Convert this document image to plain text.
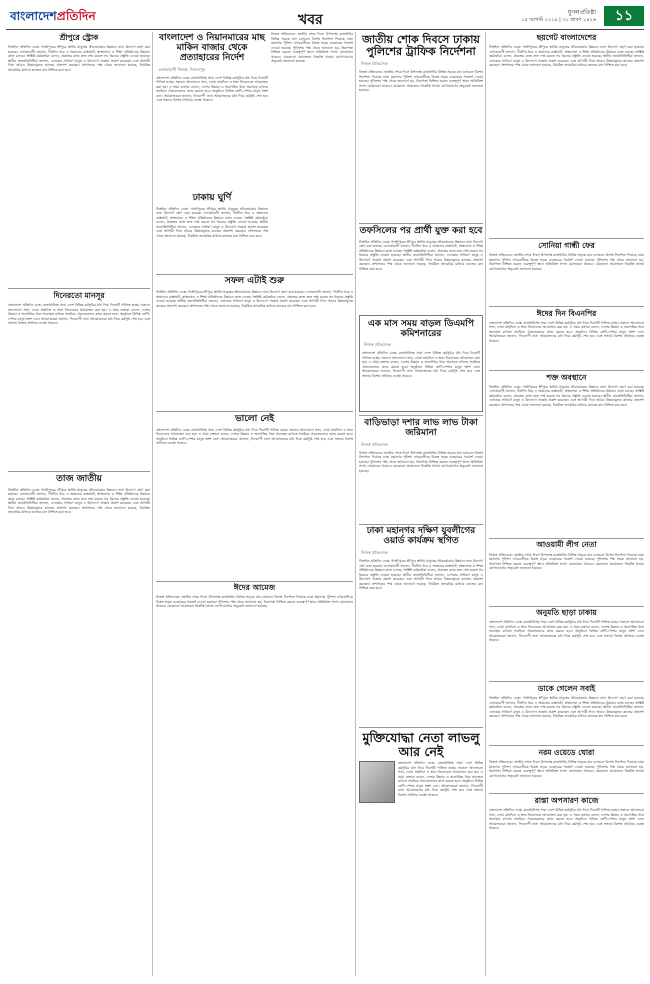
বাংলাদেশপ্রতিদিন	খবর	যুগলপ্রতিষ্ঠা
১৫ আগস্ট ২০১৯ | ৩১ শ্রাবণ ১৪২৬	১১
শ্রীপুরে স্ট্রোক
টাঙ্গাইল প্রতিদিন ডেস্ক: গাজীপুরের শ্রীপুরে স্থানীয় মানুষের জীবনযাত্রার উন্নয়নে নানা উদ্যোগ গ্রহণ করা হয়েছে। এলাকাবাসী জানান, দীর্ঘদিন ধরে এ অঞ্চলের রাস্তাঘাট, স্বাস্থ্যসেবা ও শিক্ষা প্রতিষ্ঠানের উন্নয়নে কাজ চলছে। সংশ্লিষ্ট কর্মকর্তারা বলেন, প্রকল্পের কাজ দ্রুত শেষ করতে সব ধরনের প্রস্তুতি নেওয়া হয়েছে। স্থানীয় জনপ্রতিনিধিরা জানান, এলাকার সাধারণ মানুষ এ উদ্যোগে সন্তোষ প্রকাশ করেছেন এবং আগামী দিনে আরও উন্নয়নমূলক কাজের প্রত্যাশা করছেন। প্রশাসনের পক্ষ থেকে জানানো হয়েছে, নিয়মিত তদারকির মাধ্যমে কাজের মান নিশ্চিত করা হবে।
দিনেরতো মানসূর
বাংলাদেশ প্রতিদিন ডেস্ক: রাজধানীসহ সারা দেশে বিভিন্ন কর্মসূচির মধ্য দিয়ে দিবসটি পালিত হচ্ছে। সকালে আলোচনা সভা, দোয়া মাহফিল ও শ্রদ্ধা নিবেদনের আয়োজন করা হয়। এ সময় বক্তারা বলেন, দেশের উন্নয়ন ও অগ্রগতির ধারা অব্যাহত রাখতে সবাইকে ঐক্যবদ্ধভাবে কাজ করতে হবে। অনুষ্ঠানে বিভিন্ন শ্রেণি-পেশার মানুষ অংশ নেন। আয়োজকরা জানান, দিনব্যাপী নানা আয়োজনের মধ্য দিয়ে কর্মসূচি শেষ হবে এবং সন্ধ্যায় বিশেষ প্রার্থনার ব্যবস্থা থাকবে।
তাজ জাতীয়
টাঙ্গাইল প্রতিদিন ডেস্ক: গাজীপুরের শ্রীপুরে স্থানীয় মানুষের জীবনযাত্রার উন্নয়নে নানা উদ্যোগ গ্রহণ করা হয়েছে। এলাকাবাসী জানান, দীর্ঘদিন ধরে এ অঞ্চলের রাস্তাঘাট, স্বাস্থ্যসেবা ও শিক্ষা প্রতিষ্ঠানের উন্নয়নে কাজ চলছে। সংশ্লিষ্ট কর্মকর্তারা বলেন, প্রকল্পের কাজ দ্রুত শেষ করতে সব ধরনের প্রস্তুতি নেওয়া হয়েছে। স্থানীয় জনপ্রতিনিধিরা জানান, এলাকার সাধারণ মানুষ এ উদ্যোগে সন্তোষ প্রকাশ করেছেন এবং আগামী দিনে আরও উন্নয়নমূলক কাজের প্রত্যাশা করছেন। প্রশাসনের পক্ষ থেকে জানানো হয়েছে, নিয়মিত তদারকির মাধ্যমে কাজের মান নিশ্চিত করা হবে।
বাংলাদেশ ও নিয়ানমারের মাছ মাকিন বাজার থেকে প্রত্যাহারের নির্দেশ
এলাকাবাসী নিজস্ব, দিনাজপুর
বাংলাদেশ প্রতিদিন ডেস্ক: রাজধানীসহ সারা দেশে বিভিন্ন কর্মসূচির মধ্য দিয়ে দিবসটি পালিত হচ্ছে। সকালে আলোচনা সভা, দোয়া মাহফিল ও শ্রদ্ধা নিবেদনের আয়োজন করা হয়। এ সময় বক্তারা বলেন, দেশের উন্নয়ন ও অগ্রগতির ধারা অব্যাহত রাখতে সবাইকে ঐক্যবদ্ধভাবে কাজ করতে হবে। অনুষ্ঠানে বিভিন্ন শ্রেণি-পেশার মানুষ অংশ নেন। আয়োজকরা জানান, দিনব্যাপী নানা আয়োজনের মধ্য দিয়ে কর্মসূচি শেষ হবে এবং সন্ধ্যায় বিশেষ প্রার্থনার ব্যবস্থা থাকবে।
ঢাকায় ঘুর্ণি
টাঙ্গাইল প্রতিদিন ডেস্ক: গাজীপুরের শ্রীপুরে স্থানীয় মানুষের জীবনযাত্রার উন্নয়নে নানা উদ্যোগ গ্রহণ করা হয়েছে। এলাকাবাসী জানান, দীর্ঘদিন ধরে এ অঞ্চলের রাস্তাঘাট, স্বাস্থ্যসেবা ও শিক্ষা প্রতিষ্ঠানের উন্নয়নে কাজ চলছে। সংশ্লিষ্ট কর্মকর্তারা বলেন, প্রকল্পের কাজ দ্রুত শেষ করতে সব ধরনের প্রস্তুতি নেওয়া হয়েছে। স্থানীয় জনপ্রতিনিধিরা জানান, এলাকার সাধারণ মানুষ এ উদ্যোগে সন্তোষ প্রকাশ করেছেন এবং আগামী দিনে আরও উন্নয়নমূলক কাজের প্রত্যাশা করছেন। প্রশাসনের পক্ষ থেকে জানানো হয়েছে, নিয়মিত তদারকির মাধ্যমে কাজের মান নিশ্চিত করা হবে।
নিজস্ব প্রতিবেদক: জাতীয় শোক দিবস উপলক্ষে রাজধানীর বিভিন্ন সড়কে যান চলাচলে বিশেষ নির্দেশনা দিয়েছে ঢাকা মহানগর পুলিশ। নগরবাসীকে বিকল্প সড়ক ব্যবহারের পরামর্শ দেওয়া হয়েছে। পুলিশের পক্ষ থেকে জানানো হয়, নিরাপত্তা নিশ্চিত করতে গুরুত্বপূর্ণ স্থানে অতিরিক্ত সদস্য মোতায়েন থাকবে। যেকোনো প্রয়োজনে নিকটস্থ থানায় যোগাযোগের অনুরোধ জানানো হয়েছে।
সফল এটাই শুরু
টাঙ্গাইল প্রতিদিন ডেস্ক: গাজীপুরের শ্রীপুরে স্থানীয় মানুষের জীবনযাত্রার উন্নয়নে নানা উদ্যোগ গ্রহণ করা হয়েছে। এলাকাবাসী জানান, দীর্ঘদিন ধরে এ অঞ্চলের রাস্তাঘাট, স্বাস্থ্যসেবা ও শিক্ষা প্রতিষ্ঠানের উন্নয়নে কাজ চলছে। সংশ্লিষ্ট কর্মকর্তারা বলেন, প্রকল্পের কাজ দ্রুত শেষ করতে সব ধরনের প্রস্তুতি নেওয়া হয়েছে। স্থানীয় জনপ্রতিনিধিরা জানান, এলাকার সাধারণ মানুষ এ উদ্যোগে সন্তোষ প্রকাশ করেছেন এবং আগামী দিনে আরও উন্নয়নমূলক কাজের প্রত্যাশা করছেন। প্রশাসনের পক্ষ থেকে জানানো হয়েছে, নিয়মিত তদারকির মাধ্যমে কাজের মান নিশ্চিত করা হবে।
ভালো নেই
বাংলাদেশ প্রতিদিন ডেস্ক: রাজধানীসহ সারা দেশে বিভিন্ন কর্মসূচির মধ্য দিয়ে দিবসটি পালিত হচ্ছে। সকালে আলোচনা সভা, দোয়া মাহফিল ও শ্রদ্ধা নিবেদনের আয়োজন করা হয়। এ সময় বক্তারা বলেন, দেশের উন্নয়ন ও অগ্রগতির ধারা অব্যাহত রাখতে সবাইকে ঐক্যবদ্ধভাবে কাজ করতে হবে। অনুষ্ঠানে বিভিন্ন শ্রেণি-পেশার মানুষ অংশ নেন। আয়োজকরা জানান, দিনব্যাপী নানা আয়োজনের মধ্য দিয়ে কর্মসূচি শেষ হবে এবং সন্ধ্যায় বিশেষ প্রার্থনার ব্যবস্থা থাকবে।
ঈদের আমেজ
নিজস্ব প্রতিবেদক: জাতীয় শোক দিবস উপলক্ষে রাজধানীর বিভিন্ন সড়কে যান চলাচলে বিশেষ নির্দেশনা দিয়েছে ঢাকা মহানগর পুলিশ। নগরবাসীকে বিকল্প সড়ক ব্যবহারের পরামর্শ দেওয়া হয়েছে। পুলিশের পক্ষ থেকে জানানো হয়, নিরাপত্তা নিশ্চিত করতে গুরুত্বপূর্ণ স্থানে অতিরিক্ত সদস্য মোতায়েন থাকবে। যেকোনো প্রয়োজনে নিকটস্থ থানায় যোগাযোগের অনুরোধ জানানো হয়েছে।
জাতীয় শোক দিবসে ঢাকায় পুলিশের ট্রাফিক নির্দেশনা
নিজস্ব প্রতিবেদক
নিজস্ব প্রতিবেদক: জাতীয় শোক দিবস উপলক্ষে রাজধানীর বিভিন্ন সড়কে যান চলাচলে বিশেষ নির্দেশনা দিয়েছে ঢাকা মহানগর পুলিশ। নগরবাসীকে বিকল্প সড়ক ব্যবহারের পরামর্শ দেওয়া হয়েছে। পুলিশের পক্ষ থেকে জানানো হয়, নিরাপত্তা নিশ্চিত করতে গুরুত্বপূর্ণ স্থানে অতিরিক্ত সদস্য মোতায়েন থাকবে। যেকোনো প্রয়োজনে নিকটস্থ থানায় যোগাযোগের অনুরোধ জানানো হয়েছে।
তফসিলের পর প্রার্থী যুক্ত করা হবে
টাঙ্গাইল প্রতিদিন ডেস্ক: গাজীপুরের শ্রীপুরে স্থানীয় মানুষের জীবনযাত্রার উন্নয়নে নানা উদ্যোগ গ্রহণ করা হয়েছে। এলাকাবাসী জানান, দীর্ঘদিন ধরে এ অঞ্চলের রাস্তাঘাট, স্বাস্থ্যসেবা ও শিক্ষা প্রতিষ্ঠানের উন্নয়নে কাজ চলছে। সংশ্লিষ্ট কর্মকর্তারা বলেন, প্রকল্পের কাজ দ্রুত শেষ করতে সব ধরনের প্রস্তুতি নেওয়া হয়েছে। স্থানীয় জনপ্রতিনিধিরা জানান, এলাকার সাধারণ মানুষ এ উদ্যোগে সন্তোষ প্রকাশ করেছেন এবং আগামী দিনে আরও উন্নয়নমূলক কাজের প্রত্যাশা করছেন। প্রশাসনের পক্ষ থেকে জানানো হয়েছে, নিয়মিত তদারকির মাধ্যমে কাজের মান নিশ্চিত করা হবে।
এক মাস সময় বাড়ল ডিএমপি কমিশনারের
নিজস্ব প্রতিবেদক
বাংলাদেশ প্রতিদিন ডেস্ক: রাজধানীসহ সারা দেশে বিভিন্ন কর্মসূচির মধ্য দিয়ে দিবসটি পালিত হচ্ছে। সকালে আলোচনা সভা, দোয়া মাহফিল ও শ্রদ্ধা নিবেদনের আয়োজন করা হয়। এ সময় বক্তারা বলেন, দেশের উন্নয়ন ও অগ্রগতির ধারা অব্যাহত রাখতে সবাইকে ঐক্যবদ্ধভাবে কাজ করতে হবে। অনুষ্ঠানে বিভিন্ন শ্রেণি-পেশার মানুষ অংশ নেন। আয়োজকরা জানান, দিনব্যাপী নানা আয়োজনের মধ্য দিয়ে কর্মসূচি শেষ হবে এবং সন্ধ্যায় বিশেষ প্রার্থনার ব্যবস্থা থাকবে।
বাড়িভাড়া দশার লাভ লাভ টাকা জরিমানা
নিজস্ব প্রতিবেদক
নিজস্ব প্রতিবেদক: জাতীয় শোক দিবস উপলক্ষে রাজধানীর বিভিন্ন সড়কে যান চলাচলে বিশেষ নির্দেশনা দিয়েছে ঢাকা মহানগর পুলিশ। নগরবাসীকে বিকল্প সড়ক ব্যবহারের পরামর্শ দেওয়া হয়েছে। পুলিশের পক্ষ থেকে জানানো হয়, নিরাপত্তা নিশ্চিত করতে গুরুত্বপূর্ণ স্থানে অতিরিক্ত সদস্য মোতায়েন থাকবে। যেকোনো প্রয়োজনে নিকটস্থ থানায় যোগাযোগের অনুরোধ জানানো হয়েছে।
ঢাকা মহানগর দক্ষিণ যুবলীগের ওয়ার্ড কার্যক্রম স্থগিত
নিজস্ব প্রতিবেদক
টাঙ্গাইল প্রতিদিন ডেস্ক: গাজীপুরের শ্রীপুরে স্থানীয় মানুষের জীবনযাত্রার উন্নয়নে নানা উদ্যোগ গ্রহণ করা হয়েছে। এলাকাবাসী জানান, দীর্ঘদিন ধরে এ অঞ্চলের রাস্তাঘাট, স্বাস্থ্যসেবা ও শিক্ষা প্রতিষ্ঠানের উন্নয়নে কাজ চলছে। সংশ্লিষ্ট কর্মকর্তারা বলেন, প্রকল্পের কাজ দ্রুত শেষ করতে সব ধরনের প্রস্তুতি নেওয়া হয়েছে। স্থানীয় জনপ্রতিনিধিরা জানান, এলাকার সাধারণ মানুষ এ উদ্যোগে সন্তোষ প্রকাশ করেছেন এবং আগামী দিনে আরও উন্নয়নমূলক কাজের প্রত্যাশা করছেন। প্রশাসনের পক্ষ থেকে জানানো হয়েছে, নিয়মিত তদারকির মাধ্যমে কাজের মান নিশ্চিত করা হবে।
মুক্তিযোদ্ধা নেতা লাভলু আর নেই
বাংলাদেশ প্রতিদিন ডেস্ক: রাজধানীসহ সারা দেশে বিভিন্ন কর্মসূচির মধ্য দিয়ে দিবসটি পালিত হচ্ছে। সকালে আলোচনা সভা, দোয়া মাহফিল ও শ্রদ্ধা নিবেদনের আয়োজন করা হয়। এ সময় বক্তারা বলেন, দেশের উন্নয়ন ও অগ্রগতির ধারা অব্যাহত রাখতে সবাইকে ঐক্যবদ্ধভাবে কাজ করতে হবে। অনুষ্ঠানে বিভিন্ন শ্রেণি-পেশার মানুষ অংশ নেন। আয়োজকরা জানান, দিনব্যাপী নানা আয়োজনের মধ্য দিয়ে কর্মসূচি শেষ হবে এবং সন্ধ্যায় বিশেষ প্রার্থনার ব্যবস্থা থাকবে।
ছয়গেট বাংলাদেশের
টাঙ্গাইল প্রতিদিন ডেস্ক: গাজীপুরের শ্রীপুরে স্থানীয় মানুষের জীবনযাত্রার উন্নয়নে নানা উদ্যোগ গ্রহণ করা হয়েছে। এলাকাবাসী জানান, দীর্ঘদিন ধরে এ অঞ্চলের রাস্তাঘাট, স্বাস্থ্যসেবা ও শিক্ষা প্রতিষ্ঠানের উন্নয়নে কাজ চলছে। সংশ্লিষ্ট কর্মকর্তারা বলেন, প্রকল্পের কাজ দ্রুত শেষ করতে সব ধরনের প্রস্তুতি নেওয়া হয়েছে। স্থানীয় জনপ্রতিনিধিরা জানান, এলাকার সাধারণ মানুষ এ উদ্যোগে সন্তোষ প্রকাশ করেছেন এবং আগামী দিনে আরও উন্নয়নমূলক কাজের প্রত্যাশা করছেন। প্রশাসনের পক্ষ থেকে জানানো হয়েছে, নিয়মিত তদারকির মাধ্যমে কাজের মান নিশ্চিত করা হবে।
সোনিয়া গান্ধী ফের
নিজস্ব প্রতিবেদক: জাতীয় শোক দিবস উপলক্ষে রাজধানীর বিভিন্ন সড়কে যান চলাচলে বিশেষ নির্দেশনা দিয়েছে ঢাকা মহানগর পুলিশ। নগরবাসীকে বিকল্প সড়ক ব্যবহারের পরামর্শ দেওয়া হয়েছে। পুলিশের পক্ষ থেকে জানানো হয়, নিরাপত্তা নিশ্চিত করতে গুরুত্বপূর্ণ স্থানে অতিরিক্ত সদস্য মোতায়েন থাকবে। যেকোনো প্রয়োজনে নিকটস্থ থানায় যোগাযোগের অনুরোধ জানানো হয়েছে।
ঈদের দিন বিএনপির
বাংলাদেশ প্রতিদিন ডেস্ক: রাজধানীসহ সারা দেশে বিভিন্ন কর্মসূচির মধ্য দিয়ে দিবসটি পালিত হচ্ছে। সকালে আলোচনা সভা, দোয়া মাহফিল ও শ্রদ্ধা নিবেদনের আয়োজন করা হয়। এ সময় বক্তারা বলেন, দেশের উন্নয়ন ও অগ্রগতির ধারা অব্যাহত রাখতে সবাইকে ঐক্যবদ্ধভাবে কাজ করতে হবে। অনুষ্ঠানে বিভিন্ন শ্রেণি-পেশার মানুষ অংশ নেন। আয়োজকরা জানান, দিনব্যাপী নানা আয়োজনের মধ্য দিয়ে কর্মসূচি শেষ হবে এবং সন্ধ্যায় বিশেষ প্রার্থনার ব্যবস্থা থাকবে।
শক্ত অবস্থানে
টাঙ্গাইল প্রতিদিন ডেস্ক: গাজীপুরের শ্রীপুরে স্থানীয় মানুষের জীবনযাত্রার উন্নয়নে নানা উদ্যোগ গ্রহণ করা হয়েছে। এলাকাবাসী জানান, দীর্ঘদিন ধরে এ অঞ্চলের রাস্তাঘাট, স্বাস্থ্যসেবা ও শিক্ষা প্রতিষ্ঠানের উন্নয়নে কাজ চলছে। সংশ্লিষ্ট কর্মকর্তারা বলেন, প্রকল্পের কাজ দ্রুত শেষ করতে সব ধরনের প্রস্তুতি নেওয়া হয়েছে। স্থানীয় জনপ্রতিনিধিরা জানান, এলাকার সাধারণ মানুষ এ উদ্যোগে সন্তোষ প্রকাশ করেছেন এবং আগামী দিনে আরও উন্নয়নমূলক কাজের প্রত্যাশা করছেন। প্রশাসনের পক্ষ থেকে জানানো হয়েছে, নিয়মিত তদারকির মাধ্যমে কাজের মান নিশ্চিত করা হবে।
আওয়ামী লীগ নেতা
নিজস্ব প্রতিবেদক: জাতীয় শোক দিবস উপলক্ষে রাজধানীর বিভিন্ন সড়কে যান চলাচলে বিশেষ নির্দেশনা দিয়েছে ঢাকা মহানগর পুলিশ। নগরবাসীকে বিকল্প সড়ক ব্যবহারের পরামর্শ দেওয়া হয়েছে। পুলিশের পক্ষ থেকে জানানো হয়, নিরাপত্তা নিশ্চিত করতে গুরুত্বপূর্ণ স্থানে অতিরিক্ত সদস্য মোতায়েন থাকবে। যেকোনো প্রয়োজনে নিকটস্থ থানায় যোগাযোগের অনুরোধ জানানো হয়েছে।
অনুমতি ছাড়া ঢাকায়
বাংলাদেশ প্রতিদিন ডেস্ক: রাজধানীসহ সারা দেশে বিভিন্ন কর্মসূচির মধ্য দিয়ে দিবসটি পালিত হচ্ছে। সকালে আলোচনা সভা, দোয়া মাহফিল ও শ্রদ্ধা নিবেদনের আয়োজন করা হয়। এ সময় বক্তারা বলেন, দেশের উন্নয়ন ও অগ্রগতির ধারা অব্যাহত রাখতে সবাইকে ঐক্যবদ্ধভাবে কাজ করতে হবে। অনুষ্ঠানে বিভিন্ন শ্রেণি-পেশার মানুষ অংশ নেন। আয়োজকরা জানান, দিনব্যাপী নানা আয়োজনের মধ্য দিয়ে কর্মসূচি শেষ হবে এবং সন্ধ্যায় বিশেষ প্রার্থনার ব্যবস্থা থাকবে।
ডাকে গেলেন সবাই
টাঙ্গাইল প্রতিদিন ডেস্ক: গাজীপুরের শ্রীপুরে স্থানীয় মানুষের জীবনযাত্রার উন্নয়নে নানা উদ্যোগ গ্রহণ করা হয়েছে। এলাকাবাসী জানান, দীর্ঘদিন ধরে এ অঞ্চলের রাস্তাঘাট, স্বাস্থ্যসেবা ও শিক্ষা প্রতিষ্ঠানের উন্নয়নে কাজ চলছে। সংশ্লিষ্ট কর্মকর্তারা বলেন, প্রকল্পের কাজ দ্রুত শেষ করতে সব ধরনের প্রস্তুতি নেওয়া হয়েছে। স্থানীয় জনপ্রতিনিধিরা জানান, এলাকার সাধারণ মানুষ এ উদ্যোগে সন্তোষ প্রকাশ করেছেন এবং আগামী দিনে আরও উন্নয়নমূলক কাজের প্রত্যাশা করছেন। প্রশাসনের পক্ষ থেকে জানানো হয়েছে, নিয়মিত তদারকির মাধ্যমে কাজের মান নিশ্চিত করা হবে।
নরম ওয়েডে ঘোরা
নিজস্ব প্রতিবেদক: জাতীয় শোক দিবস উপলক্ষে রাজধানীর বিভিন্ন সড়কে যান চলাচলে বিশেষ নির্দেশনা দিয়েছে ঢাকা মহানগর পুলিশ। নগরবাসীকে বিকল্প সড়ক ব্যবহারের পরামর্শ দেওয়া হয়েছে। পুলিশের পক্ষ থেকে জানানো হয়, নিরাপত্তা নিশ্চিত করতে গুরুত্বপূর্ণ স্থানে অতিরিক্ত সদস্য মোতায়েন থাকবে। যেকোনো প্রয়োজনে নিকটস্থ থানায় যোগাযোগের অনুরোধ জানানো হয়েছে।
রাস্তা অপসারণ কাজে
বাংলাদেশ প্রতিদিন ডেস্ক: রাজধানীসহ সারা দেশে বিভিন্ন কর্মসূচির মধ্য দিয়ে দিবসটি পালিত হচ্ছে। সকালে আলোচনা সভা, দোয়া মাহফিল ও শ্রদ্ধা নিবেদনের আয়োজন করা হয়। এ সময় বক্তারা বলেন, দেশের উন্নয়ন ও অগ্রগতির ধারা অব্যাহত রাখতে সবাইকে ঐক্যবদ্ধভাবে কাজ করতে হবে। অনুষ্ঠানে বিভিন্ন শ্রেণি-পেশার মানুষ অংশ নেন। আয়োজকরা জানান, দিনব্যাপী নানা আয়োজনের মধ্য দিয়ে কর্মসূচি শেষ হবে এবং সন্ধ্যায় বিশেষ প্রার্থনার ব্যবস্থা থাকবে।
